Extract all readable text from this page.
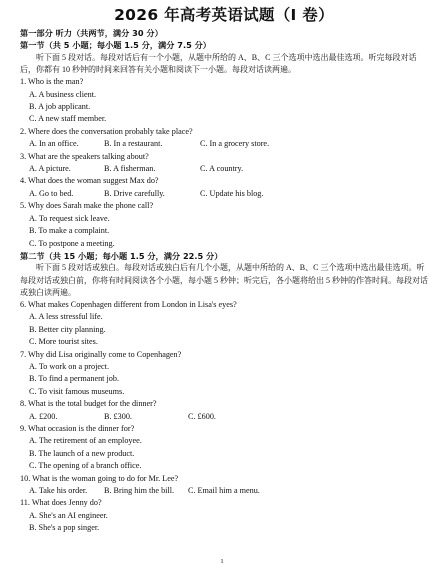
2026 年高考英语试题（I 卷）
第一部分 听力（共两节，满分 30 分）
第一节（共 5 小题；每小题 1.5 分，满分 7.5 分）
听下面 5 段对话。每段对话后有一个小题，从题中所给的 A、B、C 三个选项中选出最佳选项。听完每段对话后，你都有 10 秒钟的时间来回答有关小题和阅读下一小题。每段对话读两遍。
1. Who is the man?
A. A business client.
B. A job applicant.
C. A new staff member.
2. Where does the conversation probably take place?
A. In an office.	B. In a restaurant.	C. In a grocery store.
3. What are the speakers talking about?
A. A picture.	B. A fisherman.	C. A country.
4. What does the woman suggest Max do?
A. Go to bed.	B. Drive carefully.	C. Update his blog.
5. Why does Sarah make the phone call?
A. To request sick leave.
B. To make a complaint.
C. To postpone a meeting.
第二节（共 15 小题；每小题 1.5 分，满分 22.5 分）
听下面 5 段对话或独白。每段对话或独白后有几个小题，从题中所给的 A、B、C 三个选项中选出最佳选项。听每段对话或独白前，你将有时间阅读各个小题，每小题 5 秒钟；听完后，各小题将给出 5 秒钟的作答时间。每段对话或独白读两遍。
6. What makes Copenhagen different from London in Lisa's eyes?
A. A less stressful life.
B. Better city planning.
C. More tourist sites.
7. Why did Lisa originally come to Copenhagen?
A. To work on a project.
B. To find a permanent job.
C. To visit famous museums.
8. What is the total budget for the dinner?
A. £200.	B. £300.	C. £600.
9. What occasion is the dinner for?
A. The retirement of an employee.
B. The launch of a new product.
C. The opening of a branch office.
10. What is the woman going to do for Mr. Lee?
A. Take his order.	B. Bring him the bill.	C. Email him a menu.
11. What does Jenny do?
A. She's an AI engineer.
B. She's a pop singer.
1
